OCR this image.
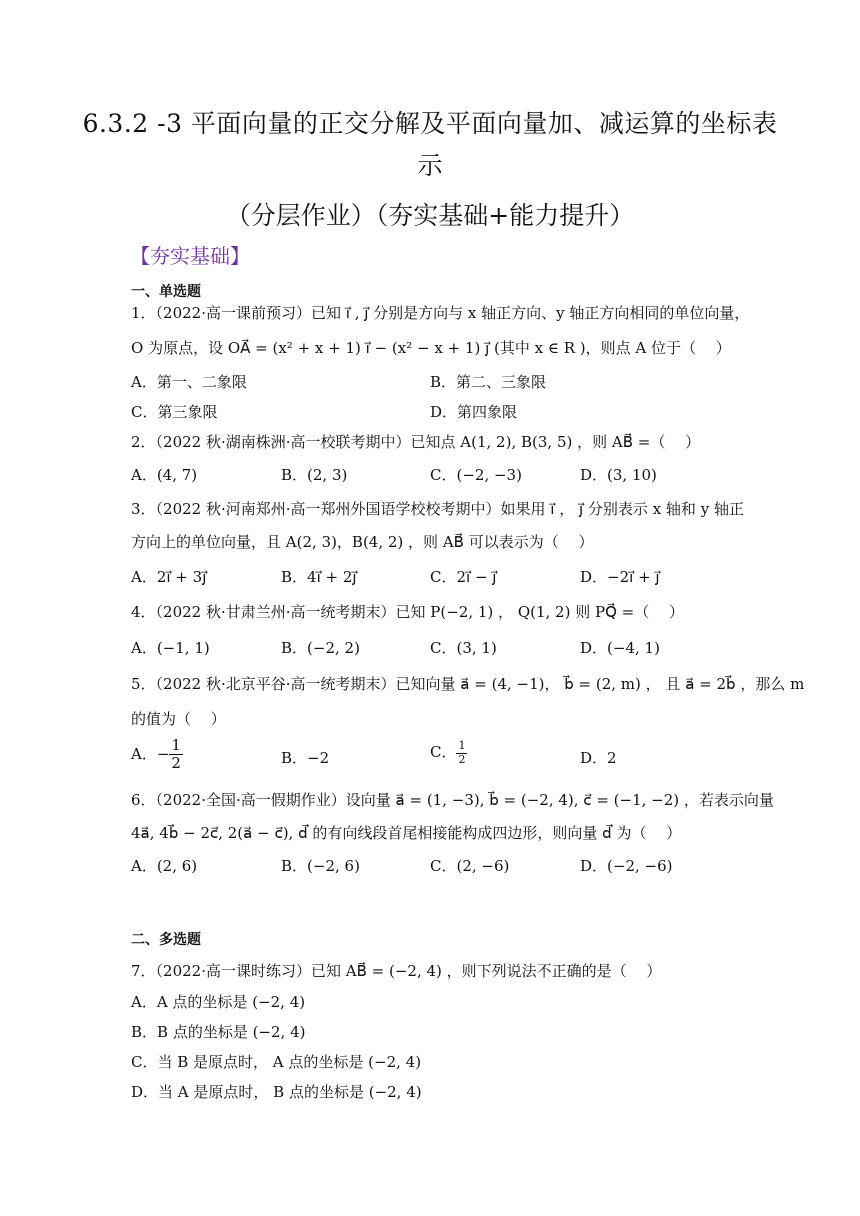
6.3.2 -3 平面向量的正交分解及平面向量加、减运算的坐标表
示
（分层作业）（夯实基础+能力提升）
【夯实基础】
一、单选题
1．（2022·高一课前预习）已知 i⃗ , j⃗ 分别是方向与 x 轴正方向、y 轴正方向相同的单位向量，
O 为原点，设 OA⃗ = (x² + x + 1) i⃗ − (x² − x + 1) j⃗ (其中 x ∈ R )，则点 A 位于（　 ）
A．第一、二象限	B．第二、三象限
C．第三象限	D．第四象限
2．（2022 秋·湖南株洲·高一校联考期中）已知点 A(1, 2), B(3, 5) ，则 AB⃗ =（　 ）
A．(4, 7)	B．(2, 3)	C．(−2, −3)	D．(3, 10)
3．（2022 秋·河南郑州·高一郑州外国语学校校考期中）如果用 i⃗ ， j⃗ 分别表示 x 轴和 y 轴正
方向上的单位向量，且 A(2, 3)，B(4, 2) ，则 AB⃗ 可以表示为（　 ）
A．2i⃗ + 3j⃗	B．4i⃗ + 2j⃗	C．2i⃗ − j⃗	D．−2i⃗ + j⃗
4．（2022 秋·甘肃兰州·高一统考期末）已知 P(−2, 1) ， Q(1, 2) 则 PQ⃗ =（　 ）
A．(−1, 1)	B．(−2, 2)	C．(3, 1)	D．(−4, 1)
5．（2022 秋·北京平谷·高一统考期末）已知向量 a⃗ = (4, −1)， b⃗ = (2, m) ， 且 a⃗ = 2b⃗ ，那么 m
的值为（　 ）
A．− $\frac{1}{2}$	B．−2	C． $\frac{1}{2}$	D．2
6．（2022·全国·高一假期作业）设向量 a⃗ = (1, −3), b⃗ = (−2, 4), c⃗ = (−1, −2) ，若表示向量
4a⃗, 4b⃗ − 2c⃗, 2(a⃗ − c⃗), d⃗ 的有向线段首尾相接能构成四边形，则向量 d⃗ 为（　 ）
A．(2, 6)	B．(−2, 6)	C．(2, −6)	D．(−2, −6)
二、多选题
7．（2022·高一课时练习）已知 AB⃗ = (−2, 4) ，则下列说法不正确的是（　 ）
A．A 点的坐标是 (−2, 4)
B．B 点的坐标是 (−2, 4)
C．当 B 是原点时， A 点的坐标是 (−2, 4)
D．当 A 是原点时， B 点的坐标是 (−2, 4)
